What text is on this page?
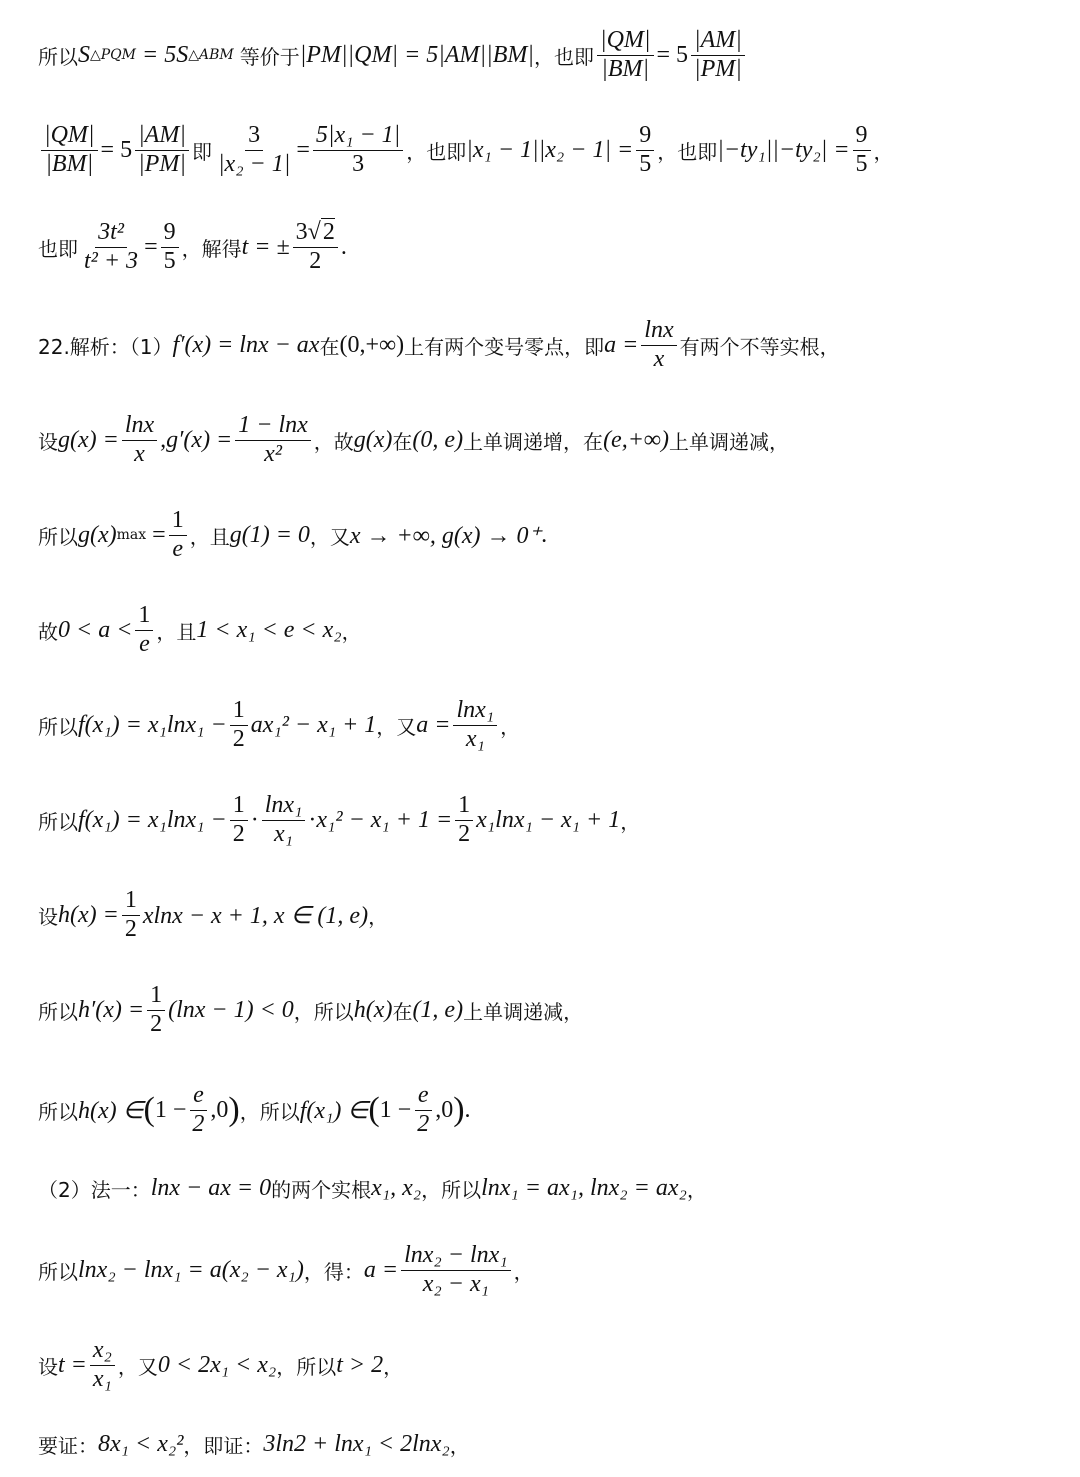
所以 S △PQM = 5S △ABM 等价于 |PM||QM| = 5|AM||BM| ， 也即 $\frac{|QM|}{|BM|} = 5 \frac{|AM|}{|PM|}$
$\frac{|QM|}{|BM|} = 5 \frac{|AM|}{|PM|}$ 即 $\frac{3}{\text{|x₂ − 1|}} = \frac{\text{5|x₁ − 1|}}{3}$ ， 也即 $|x_1 - 1||x_2 - 1| = \frac{9}{5}$ ， 也即 $|-ty_1||-ty_2| = \frac{9}{5}$ ，
也即 $\frac{\text{3t²}}{\text{t² + 3}} = \frac{9}{5}$ ， 解得 t = ± $\frac{3√2}{2}$ .
22.解析：（1） f′(x) = lnx − ax 在 (0,+∞) 上有两个变号零点，即 $a = \frac{\ln x}{x}$ 有两个不等实根，
设 $g(x) = \frac{\ln x}{x} ,g'(x) = \frac{1 - \ln x}{\text{x²}}$ ， 故 g(x) 在 (0, e) 上单调递增，在 (e,+∞) 上单调递减，
所以 g(x) $\max = \frac{1}{e}$ ， 且 g(1) = 0 ， 又 x → +∞, g(x) → 0⁺ .
故 $0 < a < \frac{1}{e}$ ， 且 1 < x₁ < e < x₂ ，
所以 $f(x_1) = x_1\ln x_1 - \frac{1}{2} ax_1^2 - x_1 + 1$ ， 又 $a = \frac{\text{lnx₁}}{\text{x₁}}$ ，
所以 $f(x_1) = x_1\ln x_1 - \frac{1}{2} \cdot \frac{\text{lnx₁}}{\text{x₁}} \cdot x_1^2 - x_1 + 1 = \frac{1}{2} x_1\ln x_1 - x_1 + 1$ ，
设 $h(x) = \frac{1}{2}$ xlnx − x + 1, x ∈ (1, e) ，
所以 $h'(x) = \frac{1}{2} (\ln x - 1) < 0$ ， 所以 h(x) 在 (1, e) 上单调递减，
所以 h(x) ∈ ( $1 - \frac{e}{2} ,0$ ) ， 所以 f(x₁) ∈ ( $1 - \frac{e}{2} ,0$ ) .
（2）法一： lnx − ax = 0 的两个实根 x₁, x₂ ， 所以 lnx₁ = ax₁, lnx₂ = ax₂ ，
所以 lnx₂ − lnx₁ = a(x₂ − x₁) ， 得： $a = \frac{\text{lnx₂ − lnx₁}}{\text{x₂ − x₁}}$ ，
设 $t = \frac{\text{x₂}}{\text{x₁}}$ ， 又 0 < 2x₁ < x₂ ， 所以 t > 2 ，
要证： 8x₁ < x₂² ， 即证： 3ln2 + lnx₁ < 2lnx₂ ，
